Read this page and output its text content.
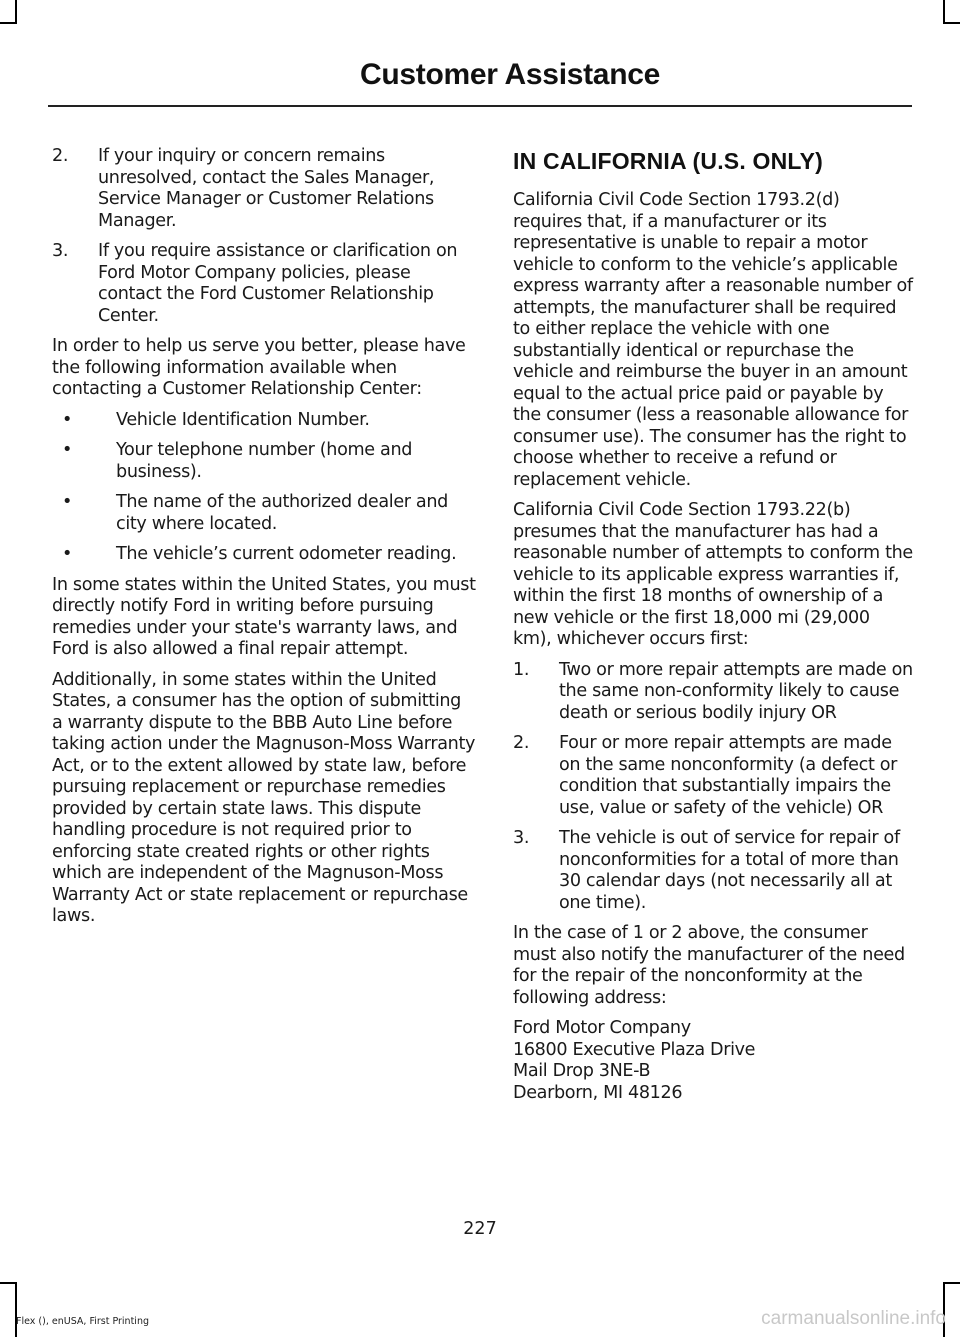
Customer Assistance
2. If your inquiry or concern remains unresolved, contact the Sales Manager, Service Manager or Customer Relations Manager.
3. If you require assistance or clarification on Ford Motor Company policies, please contact the Ford Customer Relationship Center.

In order to help us serve you better, please have the following information available when contacting a Customer Relationship Center:

• Vehicle Identification Number.
• Your telephone number (home and business).
• The name of the authorized dealer and city where located.
• The vehicle’s current odometer reading.

In some states within the United States, you must directly notify Ford in writing before pursuing remedies under your state's warranty laws, and Ford is also allowed a final repair attempt.

Additionally, in some states within the United States, a consumer has the option of submitting a warranty dispute to the BBB Auto Line before taking action under the Magnuson-Moss Warranty Act, or to the extent allowed by state law, before pursuing replacement or repurchase remedies provided by certain state laws. This dispute handling procedure is not required prior to enforcing state created rights or other rights which are independent of the Magnuson-Moss Warranty Act or state replacement or repurchase laws.

IN CALIFORNIA (U.S. ONLY)

California Civil Code Section 1793.2(d) requires that, if a manufacturer or its representative is unable to repair a motor vehicle to conform to the vehicle’s applicable express warranty after a reasonable number of attempts, the manufacturer shall be required to either replace the vehicle with one substantially identical or repurchase the vehicle and reimburse the buyer in an amount equal to the actual price paid or payable by the consumer (less a reasonable allowance for consumer use). The consumer has the right to choose whether to receive a refund or replacement vehicle.

California Civil Code Section 1793.22(b) presumes that the manufacturer has had a reasonable number of attempts to conform the vehicle to its applicable express warranties if, within the first 18 months of ownership of a new vehicle or the first 18,000 mi (29,000 km), whichever occurs first:

1. Two or more repair attempts are made on the same non-conformity likely to cause death or serious bodily injury OR
2. Four or more repair attempts are made on the same nonconformity (a defect or condition that substantially impairs the use, value or safety of the vehicle) OR
3. The vehicle is out of service for repair of nonconformities for a total of more than 30 calendar days (not necessarily all at one time).

In the case of 1 or 2 above, the consumer must also notify the manufacturer of the need for the repair of the nonconformity at the following address:

Ford Motor Company
16800 Executive Plaza Drive
Mail Drop 3NE-B
Dearborn, MI 48126
227
Flex (), enUSA, First Printing	carmanualsonline.info
